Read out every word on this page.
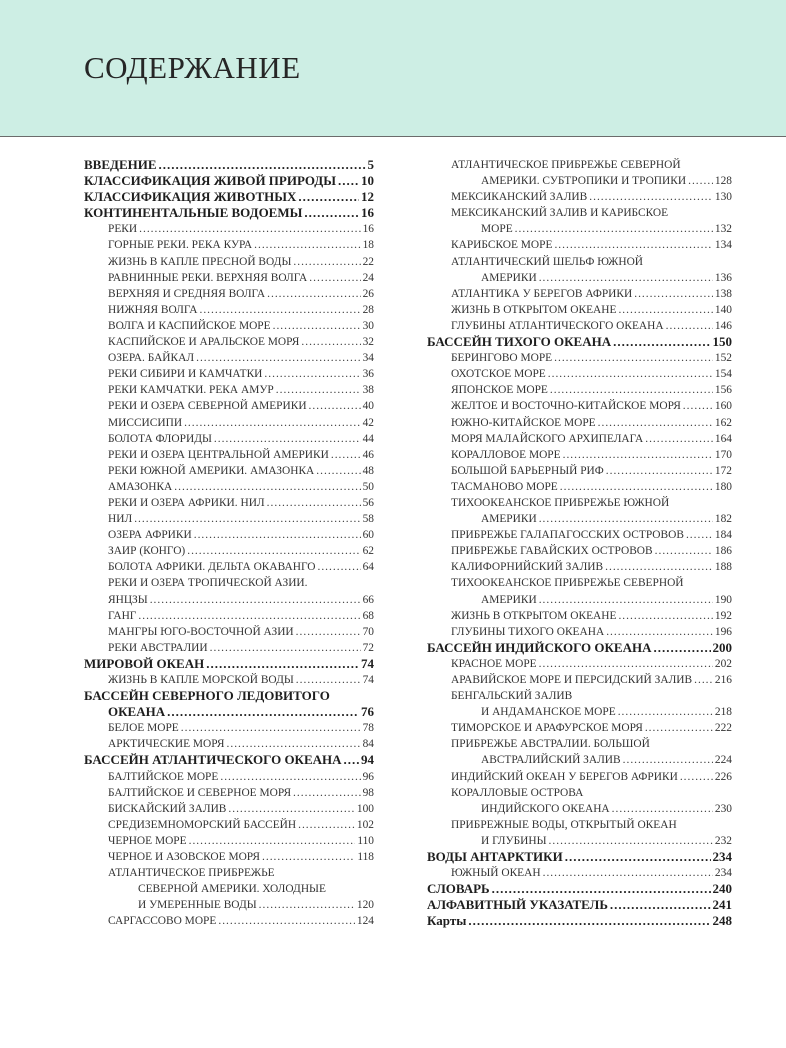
СОДЕРЖАНИЕ
ВВЕДЕНИЕ .....	5
КЛАССИФИКАЦИЯ ЖИВОЙ ПРИРОДЫ ..... 10
КЛАССИФИКАЦИЯ ЖИВОТНЫХ .....	12
КОНТИНЕНТАЛЬНЫЕ ВОДОЕМЫ .....	16
РЕКИ .....	16
ГОРНЫЕ РЕКИ. РЕКА КУРА .....	18
ЖИЗНЬ В КАПЛЕ ПРЕСНОЙ ВОДЫ .....	22
РАВНИННЫЕ РЕКИ. ВЕРХНЯЯ ВОЛГА .....	24
ВЕРХНЯЯ И СРЕДНЯЯ ВОЛГА .....	26
НИЖНЯЯ ВОЛГА .....	28
ВОЛГА И КАСПИЙСКОЕ МОРЕ .....	30
КАСПИЙСКОЕ И АРАЛЬСКОЕ МОРЯ .....	32
ОЗЕРА. БАЙКАЛ .....	34
РЕКИ СИБИРИ И КАМЧАТКИ .....	36
РЕКИ КАМЧАТКИ. РЕКА АМУР .....	38
РЕКИ И ОЗЕРА СЕВЕРНОЙ АМЕРИКИ .....	40
МИССИСИПИ .....	42
БОЛОТА ФЛОРИДЫ .....	44
РЕКИ И ОЗЕРА ЦЕНТРАЛЬНОЙ АМЕРИКИ .....	46
РЕКИ ЮЖНОЙ АМЕРИКИ. АМАЗОНКА .....	48
АМАЗОНКА .....	50
РЕКИ И ОЗЕРА АФРИКИ. НИЛ .....	56
НИЛ .....	58
ОЗЕРА АФРИКИ .....	60
ЗАИР (КОНГО) .....	62
БОЛОТА АФРИКИ. ДЕЛЬТА ОКАВАНГО .....	64
РЕКИ И ОЗЕРА ТРОПИЧЕСКОЙ АЗИИ.
ЯНЦЗЫ .....	66
ГАНГ .....	68
МАНГРЫ ЮГО-ВОСТОЧНОЙ АЗИИ .....	70
РЕКИ АВСТРАЛИИ .....	72
МИРОВОЙ ОКЕАН .....	74
ЖИЗНЬ В КАПЛЕ МОРСКОЙ ВОДЫ .....	74
БАССЕЙН СЕВЕРНОГО ЛЕДОВИТОГО
ОКЕАНА .....	76
БЕЛОЕ МОРЕ .....	78
АРКТИЧЕСКИЕ МОРЯ .....	84
БАССЕЙН АТЛАНТИЧЕСКОГО ОКЕАНА ..... 94
БАЛТИЙСКОЕ МОРЕ .....	96
БАЛТИЙСКОЕ И СЕВЕРНОЕ МОРЯ .....	98
БИСКАЙСКИЙ ЗАЛИВ .....	100
СРЕДИЗЕМНОМОРСКИЙ БАССЕЙН .....	102
ЧЕРНОЕ МОРЕ .....	110
ЧЕРНОЕ И АЗОВСКОЕ МОРЯ .....	118
АТЛАНТИЧЕСКОЕ ПРИБРЕЖЬЕ
СЕВЕРНОЙ АМЕРИКИ. ХОЛОДНЫЕ
И УМЕРЕННЫЕ ВОДЫ .....	120
САРГАССОВО МОРЕ .....	124
АТЛАНТИЧЕСКОЕ ПРИБРЕЖЬЕ СЕВЕРНОЙ
АМЕРИКИ. СУБТРОПИКИ И ТРОПИКИ .....	128
МЕКСИКАНСКИЙ ЗАЛИВ .....	130
МЕКСИКАНСКИЙ ЗАЛИВ И КАРИБСКОЕ
МОРЕ .....	132
КАРИБСКОЕ МОРЕ .....	134
АТЛАНТИЧЕСКИЙ ШЕЛЬФ ЮЖНОЙ
АМЕРИКИ .....	136
АТЛАНТИКА У БЕРЕГОВ АФРИКИ .....	138
ЖИЗНЬ В ОТКРЫТОМ ОКЕАНЕ .....	140
ГЛУБИНЫ АТЛАНТИЧЕСКОГО ОКЕАНА .....	146
БАССЕЙН ТИХОГО ОКЕАНА .....	150
БЕРИНГОВО МОРЕ .....	152
ОХОТСКОЕ МОРЕ .....	154
ЯПОНСКОЕ МОРЕ .....	156
ЖЕЛТОЕ И ВОСТОЧНО-КИТАЙСКОЕ МОРЯ .....	160
ЮЖНО-КИТАЙСКОЕ МОРЕ .....	162
МОРЯ МАЛАЙСКОГО АРХИПЕЛАГА .....	164
КОРАЛЛОВОЕ МОРЕ .....	170
БОЛЬШОЙ БАРЬЕРНЫЙ РИФ .....	172
ТАСМАНОВО МОРЕ .....	180
ТИХООКЕАНСКОЕ ПРИБРЕЖЬЕ ЮЖНОЙ
АМЕРИКИ .....	182
ПРИБРЕЖЬЕ ГАЛАПАГОССКИХ ОСТРОВОВ .....	184
ПРИБРЕЖЬЕ ГАВАЙСКИХ ОСТРОВОВ .....	186
КАЛИФОРНИЙСКИЙ ЗАЛИВ .....	188
ТИХООКЕАНСКОЕ ПРИБРЕЖЬЕ СЕВЕРНОЙ
АМЕРИКИ .....	190
ЖИЗНЬ В ОТКРЫТОМ ОКЕАНЕ .....	192
ГЛУБИНЫ ТИХОГО ОКЕАНА .....	196
БАССЕЙН ИНДИЙСКОГО ОКЕАНА .....	200
КРАСНОЕ МОРЕ .....	202
АРАВИЙСКОЕ МОРЕ И ПЕРСИДСКИЙ ЗАЛИВ ..... 216
БЕНГАЛЬСКИЙ ЗАЛИВ
И АНДАМАНСКОЕ МОРЕ .....	218
ТИМОРСКОЕ И АРАФУРСКОЕ МОРЯ .....	222
ПРИБРЕЖЬЕ АВСТРАЛИИ. БОЛЬШОЙ
АВСТРАЛИЙСКИЙ ЗАЛИВ .....	224
ИНДИЙСКИЙ ОКЕАН У БЕРЕГОВ АФРИКИ .....	226
КОРАЛЛОВЫЕ ОСТРОВА
ИНДИЙСКОГО ОКЕАНА .....	230
ПРИБРЕЖНЫЕ ВОДЫ, ОТКРЫТЫЙ ОКЕАН
И ГЛУБИНЫ .....	232
ВОДЫ АНТАРКТИКИ .....	234
ЮЖНЫЙ ОКЕАН .....	234
СЛОВАРЬ .....	240
АЛФАВИТНЫЙ УКАЗАТЕЛЬ .....	241
Карты .....	248
